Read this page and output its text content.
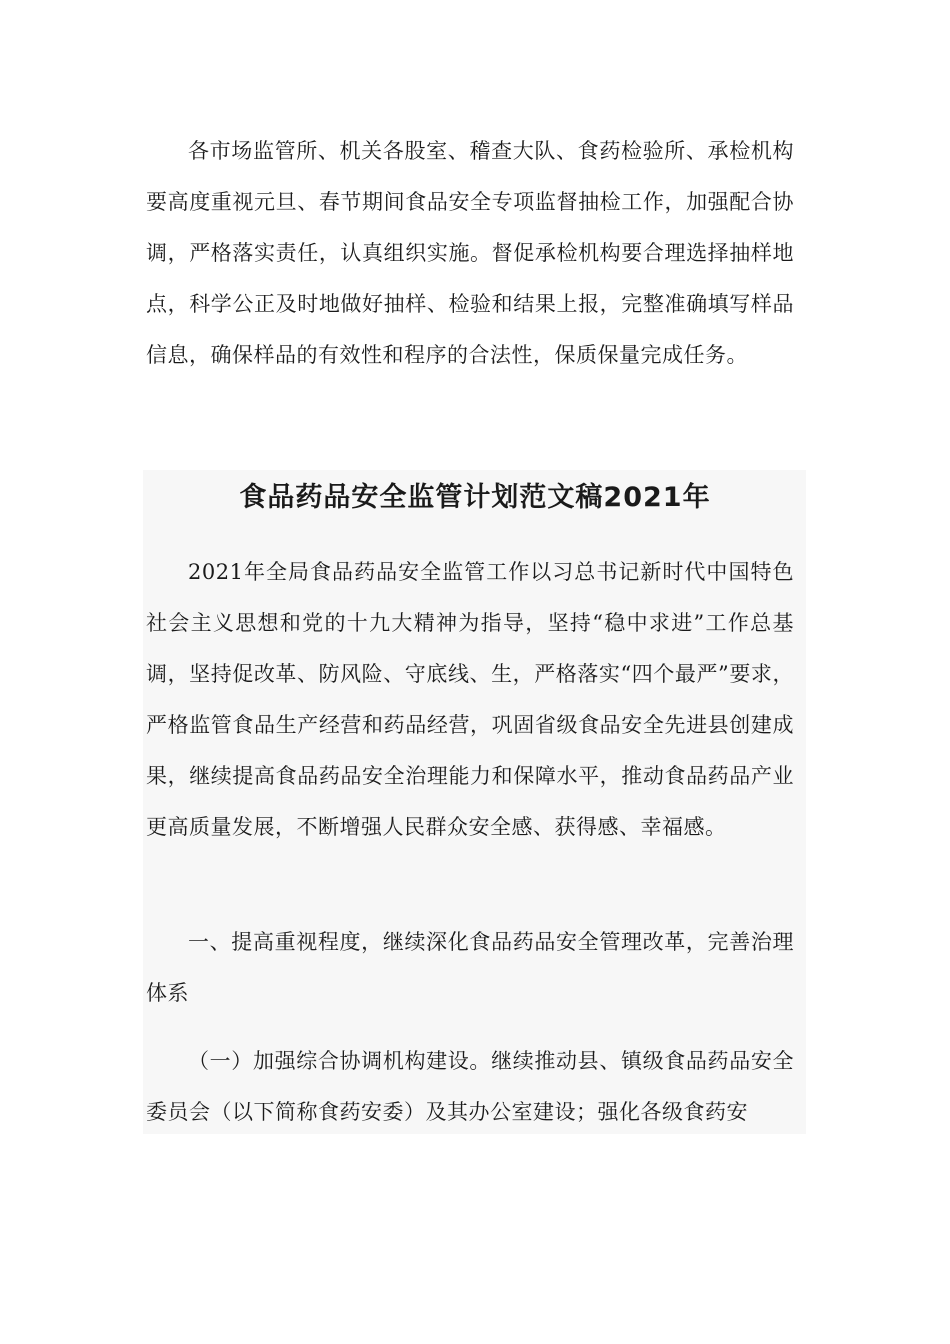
各市场监管所、机关各股室、稽查大队、食药检验所、承检机构要高度重视元旦、春节期间食品安全专项监督抽检工作，加强配合协调，严格落实责任，认真组织实施。督促承检机构要合理选择抽样地点，科学公正及时地做好抽样、检验和结果上报，完整准确填写样品信息，确保样品的有效性和程序的合法性，保质保量完成任务。

食品药品安全监管计划范文稿2021年

2021年全局食品药品安全监管工作以习总书记新时代中国特色社会主义思想和党的十九大精神为指导，坚持“稳中求进”工作总基调，坚持促改革、防风险、守底线、生，严格落实“四个最严”要求，严格监管食品生产经营和药品经营，巩固省级食品安全先进县创建成果，继续提高食品药品安全治理能力和保障水平，推动食品药品产业更高质量发展，不断增强人民群众安全感、获得感、幸福感。

一、提高重视程度，继续深化食品药品安全管理改革，完善治理体系

（一）加强综合协调机构建设。继续推动县、镇级食品药品安全委员会（以下简称食药安委）及其办公室建设；强化各级食药安
